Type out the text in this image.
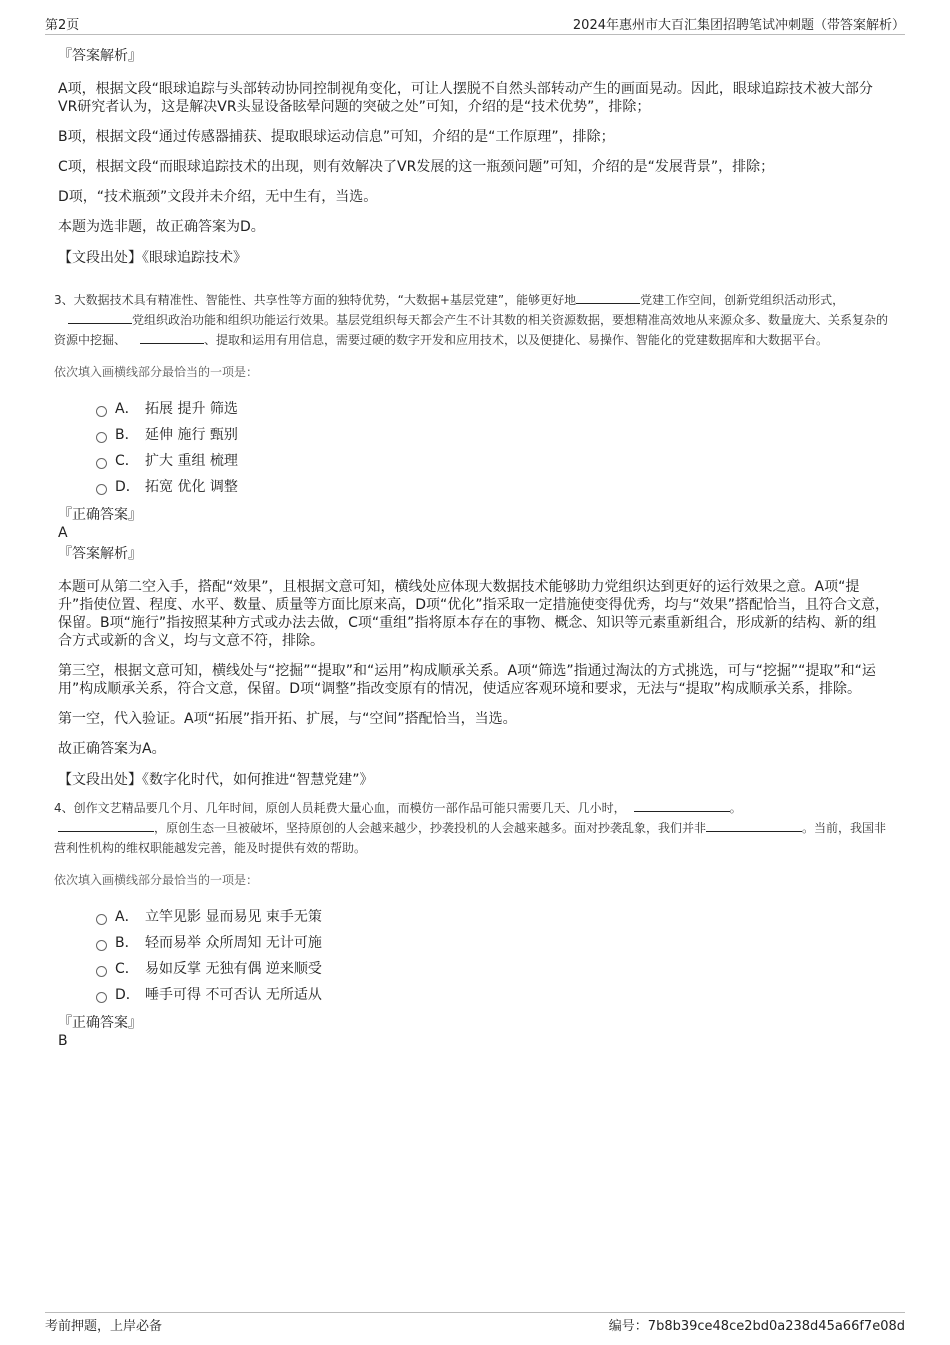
第2页	2024年惠州市大百汇集团招聘笔试冲刺题（带答案解析）
『答案解析』

A项，根据文段“眼球追踪与头部转动协同控制视角变化，可让人摆脱不自然头部转动产生的画面晃动。因此，眼球追踪技术被大部分VR研究者认为，这是解决VR头显设备眩晕问题的突破之处”可知，介绍的是“技术优势”，排除；

B项，根据文段“通过传感器捕获、提取眼球运动信息”可知，介绍的是“工作原理”，排除；

C项，根据文段“而眼球追踪技术的出现，则有效解决了VR发展的这一瓶颈问题”可知，介绍的是“发展背景”，排除；

D项，“技术瓶颈”文段并未介绍，无中生有，当选。

本题为选非题，故正确答案为D。

【文段出处】《眼球追踪技术》
3、大数据技术具有精准性、智能性、共享性等方面的独特优势，“大数据+基层党建”，能够更好地	党建工作空间，创新党组织活动形式，党组织政治功能和组织功能运行效果。基层党组织每天都会产生不计其数的相关资源数据，要想精准高效地从来源众多、数量庞大、关系复杂的资源中挖掘、	、提取和运用有用信息，需要过硬的数字开发和应用技术，以及便捷化、易操作、智能化的党建数据库和大数据平台。
依次填入画横线部分最恰当的一项是：
A． 拓展 提升 筛选
B． 延伸 施行 甄别
C． 扩大 重组 梳理
D． 拓宽 优化 调整
『正确答案』
A
『答案解析』

本题可从第二空入手，搭配“效果”，且根据文意可知，横线处应体现大数据技术能够助力党组织达到更好的运行效果之意。A项“提升”指使位置、程度、水平、数量、质量等方面比原来高，D项“优化”指采取一定措施使变得优秀，均与“效果”搭配恰当，且符合文意，保留。B项“施行”指按照某种方式或办法去做，C项“重组”指将原本存在的事物、概念、知识等元素重新组合，形成新的结构、新的组合方式或新的含义，均与文意不符，排除。

第三空，根据文意可知，横线处与“挖掘”“提取”和“运用”构成顺承关系。A项“筛选”指通过淘汰的方式挑选，可与“挖掘”“提取”和“运用”构成顺承关系，符合文意，保留。D项“调整”指改变原有的情况，使适应客观环境和要求，无法与“提取”构成顺承关系，排除。

第一空，代入验证。A项“拓展”指开拓、扩展，与“空间”搭配恰当，当选。

故正确答案为A。

【文段出处】《数字化时代，如何推进“智慧党建”》
4、创作文艺精品要几个月、几年时间，原创人员耗费大量心血，而模仿一部作品可能只需要几天、几小时，	。
，原创生态一旦被破坏，坚持原创的人会越来越少，抄袭投机的人会越来越多。面对抄袭乱象，我们并非	。当前，我国非营利性机构的维权职能越发完善，能及时提供有效的帮助。
依次填入画横线部分最恰当的一项是：
A． 立竿见影 显而易见 束手无策
B． 轻而易举 众所周知 无计可施
C． 易如反掌 无独有偶 逆来顺受
D． 唾手可得 不可否认 无所适从
『正确答案』
B
考前押题，上岸必备	编号：7b8b39ce48ce2bd0a238d45a66f7e08d
